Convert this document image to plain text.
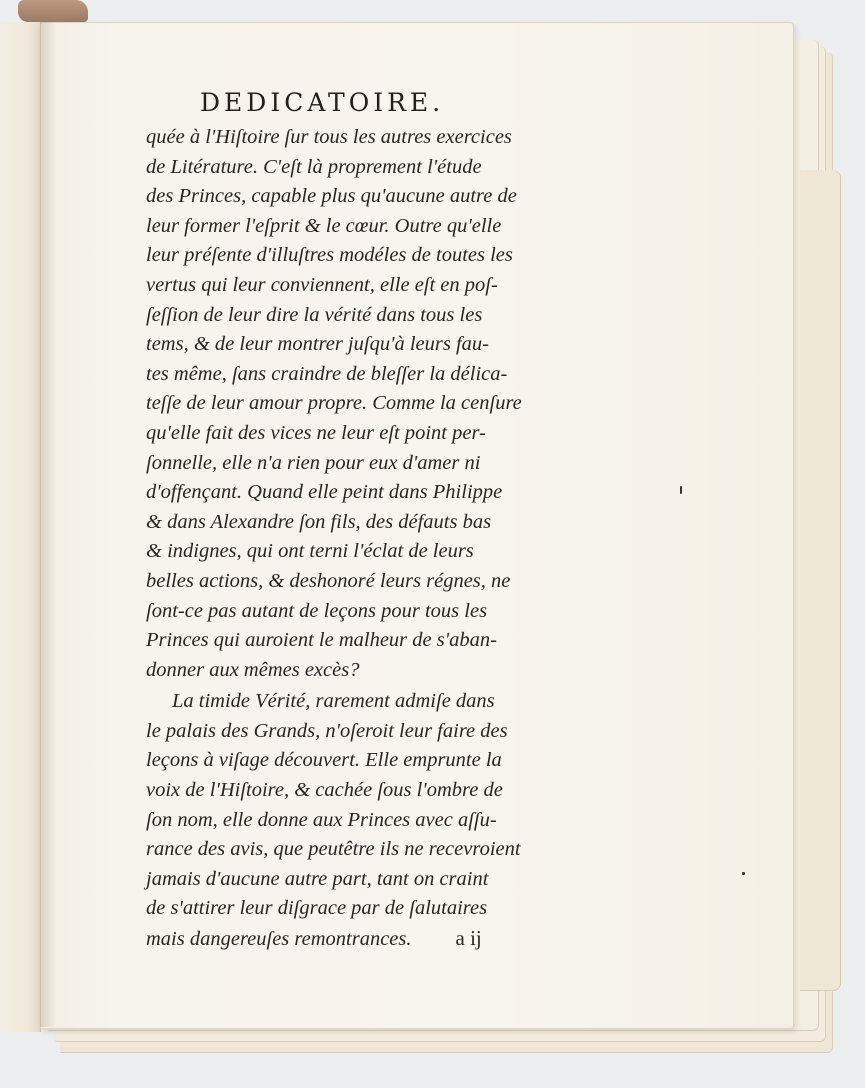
DEDICATOIRE.
quée à l'Hiſtoire ſur tous les autres exercices
de Litérature. C'eſt là proprement l'étude
des Princes, capable plus qu'aucune autre de
leur former l'eſprit & le cœur. Outre qu'elle
leur préſente d'illuſtres modéles de toutes les
vertus qui leur conviennent, elle eſt en poſ-
ſeſſion de leur dire la vérité dans tous les
tems, & de leur montrer juſqu'à leurs fau-
tes même, ſans craindre de bleſſer la délica-
teſſe de leur amour propre. Comme la cenſure
qu'elle fait des vices ne leur eſt point per-
ſonnelle, elle n'a rien pour eux d'amer ni
d'offençant. Quand elle peint dans Philippe
& dans Alexandre ſon fils, des défauts bas
& indignes, qui ont terni l'éclat de leurs
belles actions, & deshonoré leurs régnes, ne
ſont-ce pas autant de leçons pour tous les
Princes qui auroient le malheur de s'aban-
donner aux mêmes excès?
La timide Vérité, rarement admiſe dans
le palais des Grands, n'oſeroit leur faire des
leçons à viſage découvert. Elle emprunte la
voix de l'Hiſtoire, & cachée ſous l'ombre de
ſon nom, elle donne aux Princes avec aſſu-
rance des avis, que peutêtre ils ne recevroient
jamais d'aucune autre part, tant on craint
de s'attirer leur diſgrace par de ſalutaires
mais dangereuſes remontrances. a ij
